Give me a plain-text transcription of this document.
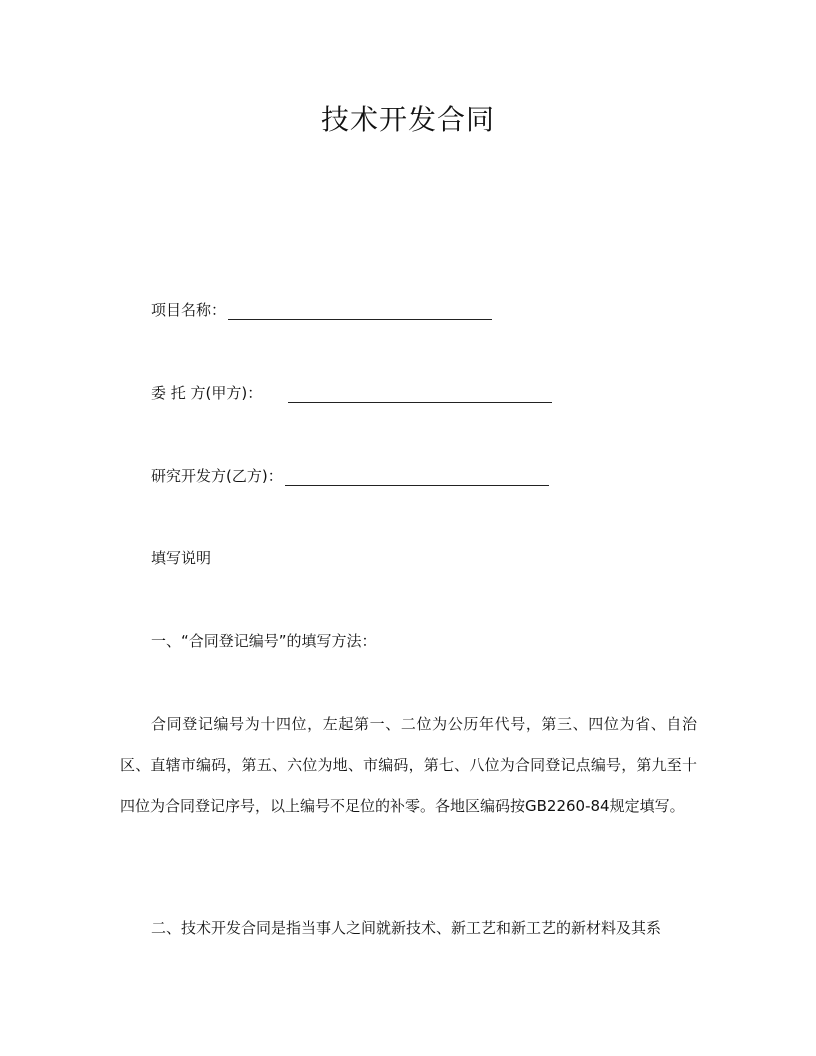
技术开发合同
项目名称：
委 托 方(甲方)：
研究开发方(乙方)：
填写说明
一、“合同登记编号”的填写方法：
合同登记编号为十四位，左起第一、二位为公历年代号，第三、四位为省、自治区、直辖市编码，第五、六位为地、市编码，第七、八位为合同登记点编号，第九至十四位为合同登记序号，以上编号不足位的补零。各地区编码按GB2260-84规定填写。
二、技术开发合同是指当事人之间就新技术、新工艺和新工艺的新材料及其系
